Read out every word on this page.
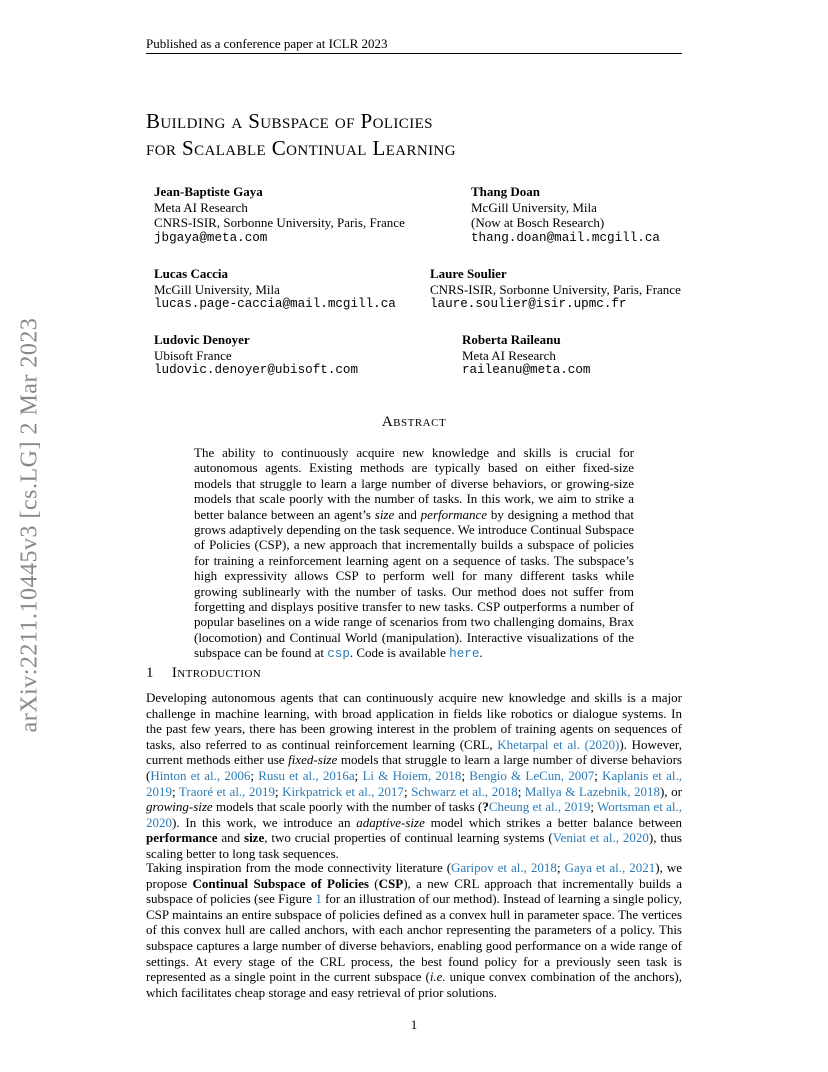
Published as a conference paper at ICLR 2023
arXiv:2211.10445v3 [cs.LG] 2 Mar 2023
Building a Subspace of Policies
for Scalable Continual Learning
Jean-Baptiste Gaya
Meta AI Research
CNRS-ISIR, Sorbonne University, Paris, France
jbgaya@meta.com
Thang Doan
McGill University, Mila
(Now at Bosch Research)
thang.doan@mail.mcgill.ca
Lucas Caccia
McGill University, Mila
lucas.page-caccia@mail.mcgill.ca
Laure Soulier
CNRS-ISIR, Sorbonne University, Paris, France
laure.soulier@isir.upmc.fr
Ludovic Denoyer
Ubisoft France
ludovic.denoyer@ubisoft.com
Roberta Raileanu
Meta AI Research
raileanu@meta.com
Abstract
The ability to continuously acquire new knowledge and skills is crucial for autonomous agents. Existing methods are typically based on either fixed-size models that struggle to learn a large number of diverse behaviors, or growing-size models that scale poorly with the number of tasks. In this work, we aim to strike a better balance between an agent’s size and performance by designing a method that grows adaptively depending on the task sequence. We introduce Continual Subspace of Policies (CSP), a new approach that incrementally builds a subspace of policies for training a reinforcement learning agent on a sequence of tasks. The subspace’s high expressivity allows CSP to perform well for many different tasks while growing sublinearly with the number of tasks. Our method does not suffer from forgetting and displays positive transfer to new tasks. CSP outperforms a number of popular baselines on a wide range of scenarios from two challenging domains, Brax (locomotion) and Continual World (manipulation). Interactive visualizations of the subspace can be found at csp. Code is available here.
1 Introduction
Developing autonomous agents that can continuously acquire new knowledge and skills is a major challenge in machine learning, with broad application in fields like robotics or dialogue systems. In the past few years, there has been growing interest in the problem of training agents on sequences of tasks, also referred to as continual reinforcement learning (CRL, Khetarpal et al. (2020)). However, current methods either use fixed-size models that struggle to learn a large number of diverse behaviors (Hinton et al., 2006; Rusu et al., 2016a; Li & Hoiem, 2018; Bengio & LeCun, 2007; Kaplanis et al., 2019; Traoré et al., 2019; Kirkpatrick et al., 2017; Schwarz et al., 2018; Mallya & Lazebnik, 2018), or growing-size models that scale poorly with the number of tasks (?Cheung et al., 2019; Wortsman et al., 2020). In this work, we introduce an adaptive-size model which strikes a better balance between performance and size, two crucial properties of continual learning systems (Veniat et al., 2020), thus scaling better to long task sequences.
Taking inspiration from the mode connectivity literature (Garipov et al., 2018; Gaya et al., 2021), we propose Continual Subspace of Policies (CSP), a new CRL approach that incrementally builds a subspace of policies (see Figure 1 for an illustration of our method). Instead of learning a single policy, CSP maintains an entire subspace of policies defined as a convex hull in parameter space. The vertices of this convex hull are called anchors, with each anchor representing the parameters of a policy. This subspace captures a large number of diverse behaviors, enabling good performance on a wide range of settings. At every stage of the CRL process, the best found policy for a previously seen task is represented as a single point in the current subspace (i.e. unique convex combination of the anchors), which facilitates cheap storage and easy retrieval of prior solutions.
1
